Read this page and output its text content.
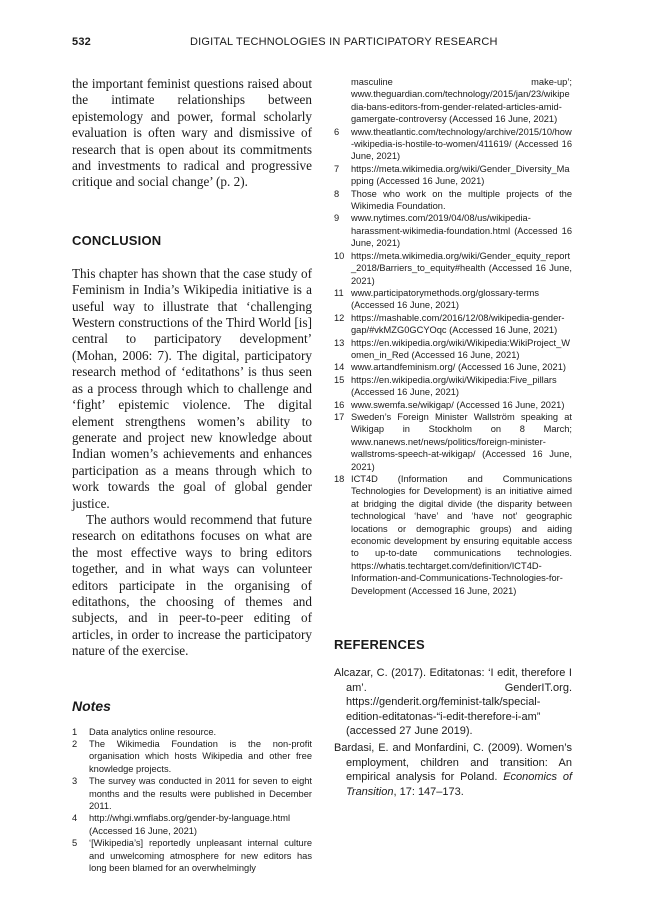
532	DIGITAL TECHNOLOGIES IN PARTICIPATORY RESEARCH

the important feminist questions raised about the intimate relationships between epistemology and power, formal scholarly evaluation is often wary and dismissive of research that is open about its commitments and investments to radical and progressive critique and social change’ (p. 2).

CONCLUSION

This chapter has shown that the case study of Feminism in India’s Wikipedia initiative is a useful way to illustrate that ‘challenging Western constructions of the Third World [is] central to participatory development’ (Mohan, 2006: 7). The digital, participatory research method of ‘editathons’ is thus seen as a process through which to challenge and ‘fight’ epistemic violence. The digital element strengthens women’s ability to generate and project new knowledge about Indian women’s achievements and enhances participation as a means through which to work towards the goal of global gender justice.

The authors would recommend that future research on editathons focuses on what are the most effective ways to bring editors together, and in what ways can volunteer editors participate in the organising of editathons, the choosing of themes and subjects, and in peer-to-peer editing of articles, in order to increase the participatory nature of the exercise.

Notes
1 Data analytics online resource.
2 The Wikimedia Foundation is the non-profit organisation which hosts Wikipedia and other free knowledge projects.
3 The survey was conducted in 2011 for seven to eight months and the results were published in December 2011.
4 http://whgi.wmflabs.org/gender-by-language.html (Accessed 16 June, 2021)
5 ‘[Wikipedia’s] reportedly unpleasant internal culture and unwelcoming atmosphere for new editors has long been blamed for an overwhelmingly
masculine make-up’; www.theguardian.com/technology/2015/jan/23/wikipedia-bans-editors-from-gender-related-articles-amid-gamergate-controversy (Accessed 16 June, 2021)
6 www.theatlantic.com/technology/archive/2015/10/how-wikipedia-is-hostile-to-women/411619/ (Accessed 16 June, 2021)
7 https://meta.wikimedia.org/wiki/Gender_Diversity_Mapping (Accessed 16 June, 2021)
8 Those who work on the multiple projects of the Wikimedia Foundation.
9 www.nytimes.com/2019/04/08/us/wikipedia-harassment-wikimedia-foundation.html (Accessed 16 June, 2021)
10 https://meta.wikimedia.org/wiki/Gender_equity_report_2018/Barriers_to_equity#health (Accessed 16 June, 2021)
11 www.participatorymethods.org/glossary-terms (Accessed 16 June, 2021)
12 https://mashable.com/2016/12/08/wikipedia-gender-gap/#vkMZG0GCYOqc (Accessed 16 June, 2021)
13 https://en.wikipedia.org/wiki/Wikipedia:WikiProject_Women_in_Red (Accessed 16 June, 2021)
14 www.artandfeminism.org/ (Accessed 16 June, 2021)
15 https://en.wikipedia.org/wiki/Wikipedia:Five_pillars (Accessed 16 June, 2021)
16 www.swemfa.se/wikigap/ (Accessed 16 June, 2021)
17 Sweden’s Foreign Minister Wallström speaking at Wikigap in Stockholm on 8 March; www.nanews.net/news/politics/foreign-minister-wallstroms-speech-at-wikigap/ (Accessed 16 June, 2021)
18 ICT4D (Information and Communications Technologies for Development) is an initiative aimed at bridging the digital divide (the disparity between technological ‘have’ and ‘have not’ geographic locations or demographic groups) and aiding economic development by ensuring equitable access to up-to-date communications technologies. https://whatis.techtarget.com/definition/ICT4D-Information-and-Communications-Technologies-for-Development (Accessed 16 June, 2021)
REFERENCES

Alcazar, C. (2017). Editatonas: ‘I edit, therefore I am’. GenderIT.org. https://genderit.org/feminist-talk/special-edition-editatonas-“i-edit-therefore-i-am” (accessed 27 June 2019).

Bardasi, E. and Monfardini, C. (2009). Women’s employment, children and transition: An empirical analysis for Poland. Economics of Transition, 17: 147–173.
